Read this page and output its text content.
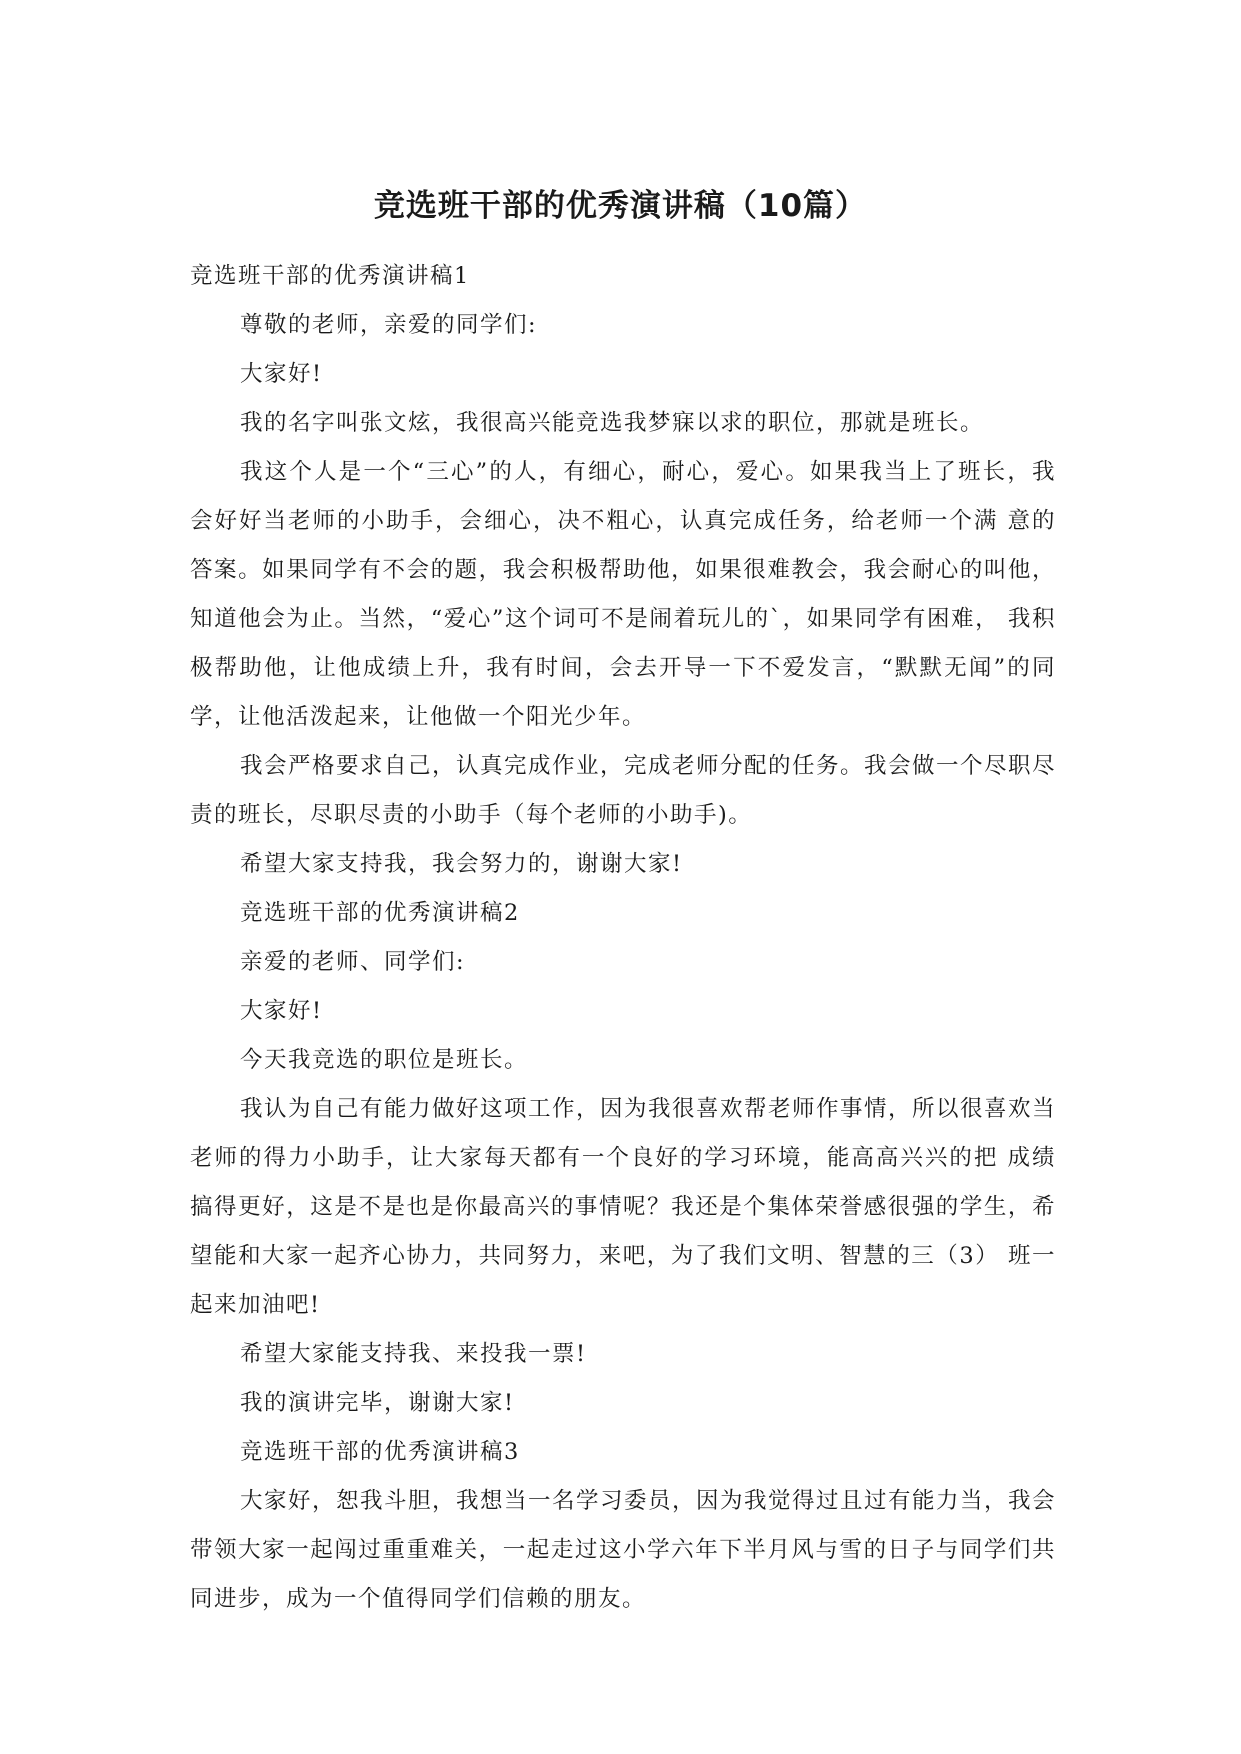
竞选班干部的优秀演讲稿（10篇）

竞选班干部的优秀演讲稿1

尊敬的老师，亲爱的同学们:

大家好!

我的名字叫张文炫，我很高兴能竞选我梦寐以求的职位，那就是班长。

我这个人是一个“三心”的人，有细心，耐心，爱心。如果我当上了班长，我会好好当老师的小助手，会细心，决不粗心，认真完成任务，给老师一个满 意的答案。如果同学有不会的题，我会积极帮助他，如果很难教会，我会耐心的叫他，知道他会为止。当然，“爱心”这个词可不是闹着玩儿的`，如果同学有困难， 我积极帮助他，让他成绩上升，我有时间，会去开导一下不爱发言，“默默无闻”的同学，让他活泼起来，让他做一个阳光少年。

我会严格要求自己，认真完成作业，完成老师分配的任务。我会做一个尽职尽责的班长，尽职尽责的小助手（每个老师的小助手)。

希望大家支持我，我会努力的，谢谢大家!

竞选班干部的优秀演讲稿2

亲爱的老师、同学们:

大家好!

今天我竞选的职位是班长。

我认为自己有能力做好这项工作，因为我很喜欢帮老师作事情，所以很喜欢当老师的得力小助手，让大家每天都有一个良好的学习环境，能高高兴兴的把 成绩搞得更好，这是不是也是你最高兴的事情呢？我还是个集体荣誉感很强的学生，希望能和大家一起齐心协力，共同努力，来吧，为了我们文明、智慧的三（3） 班一起来加油吧!

希望大家能支持我、来投我一票!

我的演讲完毕，谢谢大家!

竞选班干部的优秀演讲稿3

大家好，恕我斗胆，我想当一名学习委员，因为我觉得过且过有能力当，我会带领大家一起闯过重重难关，一起走过这小学六年下半月风与雪的日子与同学们共同进步，成为一个值得同学们信赖的朋友。
